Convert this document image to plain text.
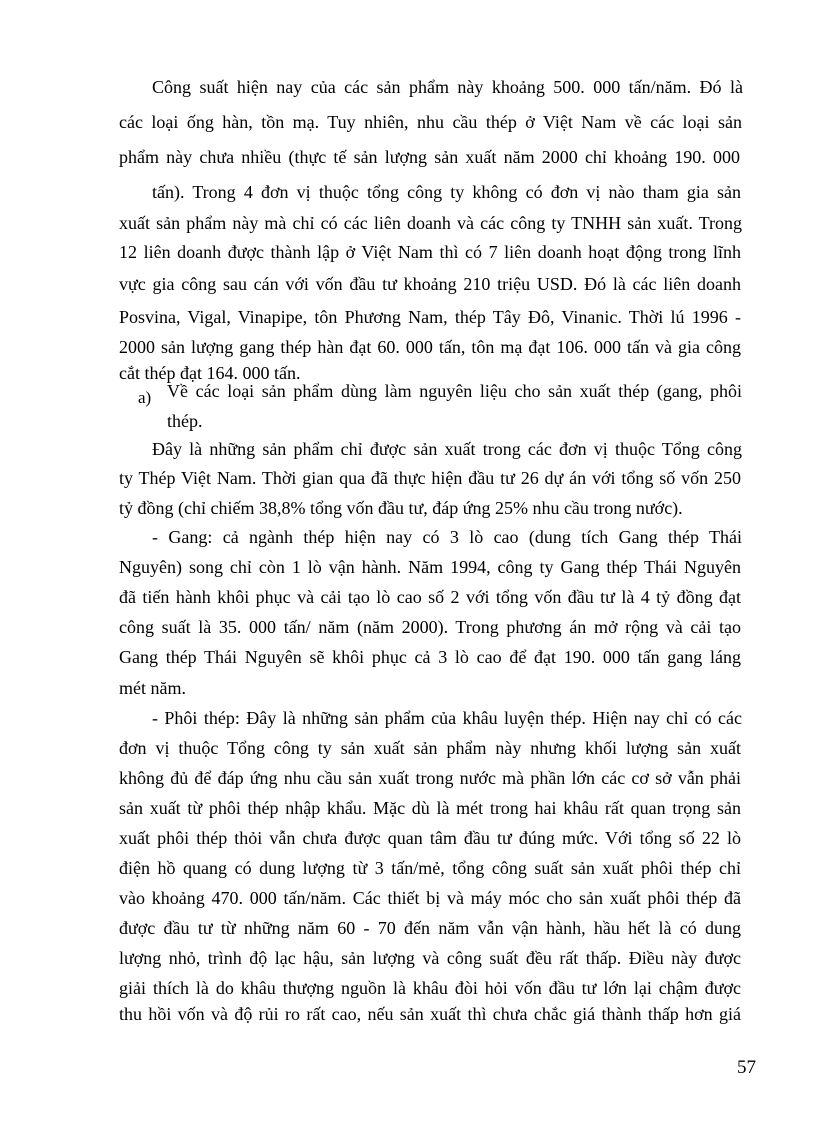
Công suất hiện nay của các sản phẩm này khoảng 500. 000 tấn/năm. Đó là
các loại ống hàn, tồn mạ. Tuy nhiên, nhu cầu thép ở Việt Nam về các loại sản
phẩm này chưa nhiều (thực tế sản lượng sản xuất năm 2000 chỉ khoảng 190. 000
tấn). Trong 4 đơn vị thuộc tổng công ty không có đơn vị nào tham gia sản
xuất sản phẩm này mà chỉ có các liên doanh và các công ty TNHH sản xuất. Trong
12 liên doanh được thành lập ở Việt Nam thì có 7 liên doanh hoạt động trong lĩnh
vực gia công sau cán với vốn đầu tư khoảng 210 triệu USD. Đó là các liên doanh
Posvina, Vigal, Vinapipe, tôn Phương Nam, thép Tây Đô, Vinanic. Thời lú 1996 -
2000 sản lượng gang thép hàn đạt 60. 000 tấn, tôn mạ đạt 106. 000 tấn và gia công
cắt thép đạt 164. 000 tấn.
a) Về các loại sản phẩm dùng làm nguyên liệu cho sản xuất thép (gang, phôi
thép.
Đây là những sản phẩm chỉ được sản xuất trong các đơn vị thuộc Tổng công
ty Thép Việt Nam. Thời gian qua đã thực hiện đầu tư 26 dự án với tổng số vốn 250
tỷ đồng (chỉ chiếm 38,8% tổng vốn đầu tư, đáp ứng 25% nhu cầu trong nước).
- Gang: cả ngành thép hiện nay có 3 lò cao (dung tích Gang thép Thái
Nguyên) song chỉ còn 1 lò vận hành. Năm 1994, công ty Gang thép Thái Nguyên
đã tiến hành khôi phục và cải tạo lò cao số 2 với tổng vốn đầu tư là 4 tỷ đồng đạt
công suất là 35. 000 tấn/ năm (năm 2000). Trong phương án mở rộng và cải tạo
Gang thép Thái Nguyên sẽ khôi phục cả 3 lò cao để đạt 190. 000 tấn gang láng
mét năm.
- Phôi thép: Đây là những sản phẩm của khâu luyện thép. Hiện nay chỉ có các
đơn vị thuộc Tổng công ty sản xuất sản phẩm này nhưng khối lượng sản xuất
không đủ để đáp ứng nhu cầu sản xuất trong nước mà phần lớn các cơ sở vẫn phải
sản xuất từ phôi thép nhập khẩu. Mặc dù là mét trong hai khâu rất quan trọng sản
xuất phôi thép thỏi vẫn chưa được quan tâm đầu tư đúng mức. Với tổng số 22 lò
điện hồ quang có dung lượng từ 3 tấn/mẻ, tổng công suất sản xuất phôi thép chỉ
vào khoảng 470. 000 tấn/năm. Các thiết bị và máy móc cho sản xuất phôi thép đã
được đầu tư từ những năm 60 - 70 đến năm vẫn vận hành, hầu hết là có dung
lượng nhỏ, trình độ lạc hậu, sản lượng và công suất đều rất thấp. Điều này được
giải thích là do khâu thượng nguồn là khâu đòi hỏi vốn đầu tư lớn lại chậm được
thu hồi vốn và độ rủi ro rất cao, nếu sản xuất thì chưa chắc giá thành thấp hơn giá
57
